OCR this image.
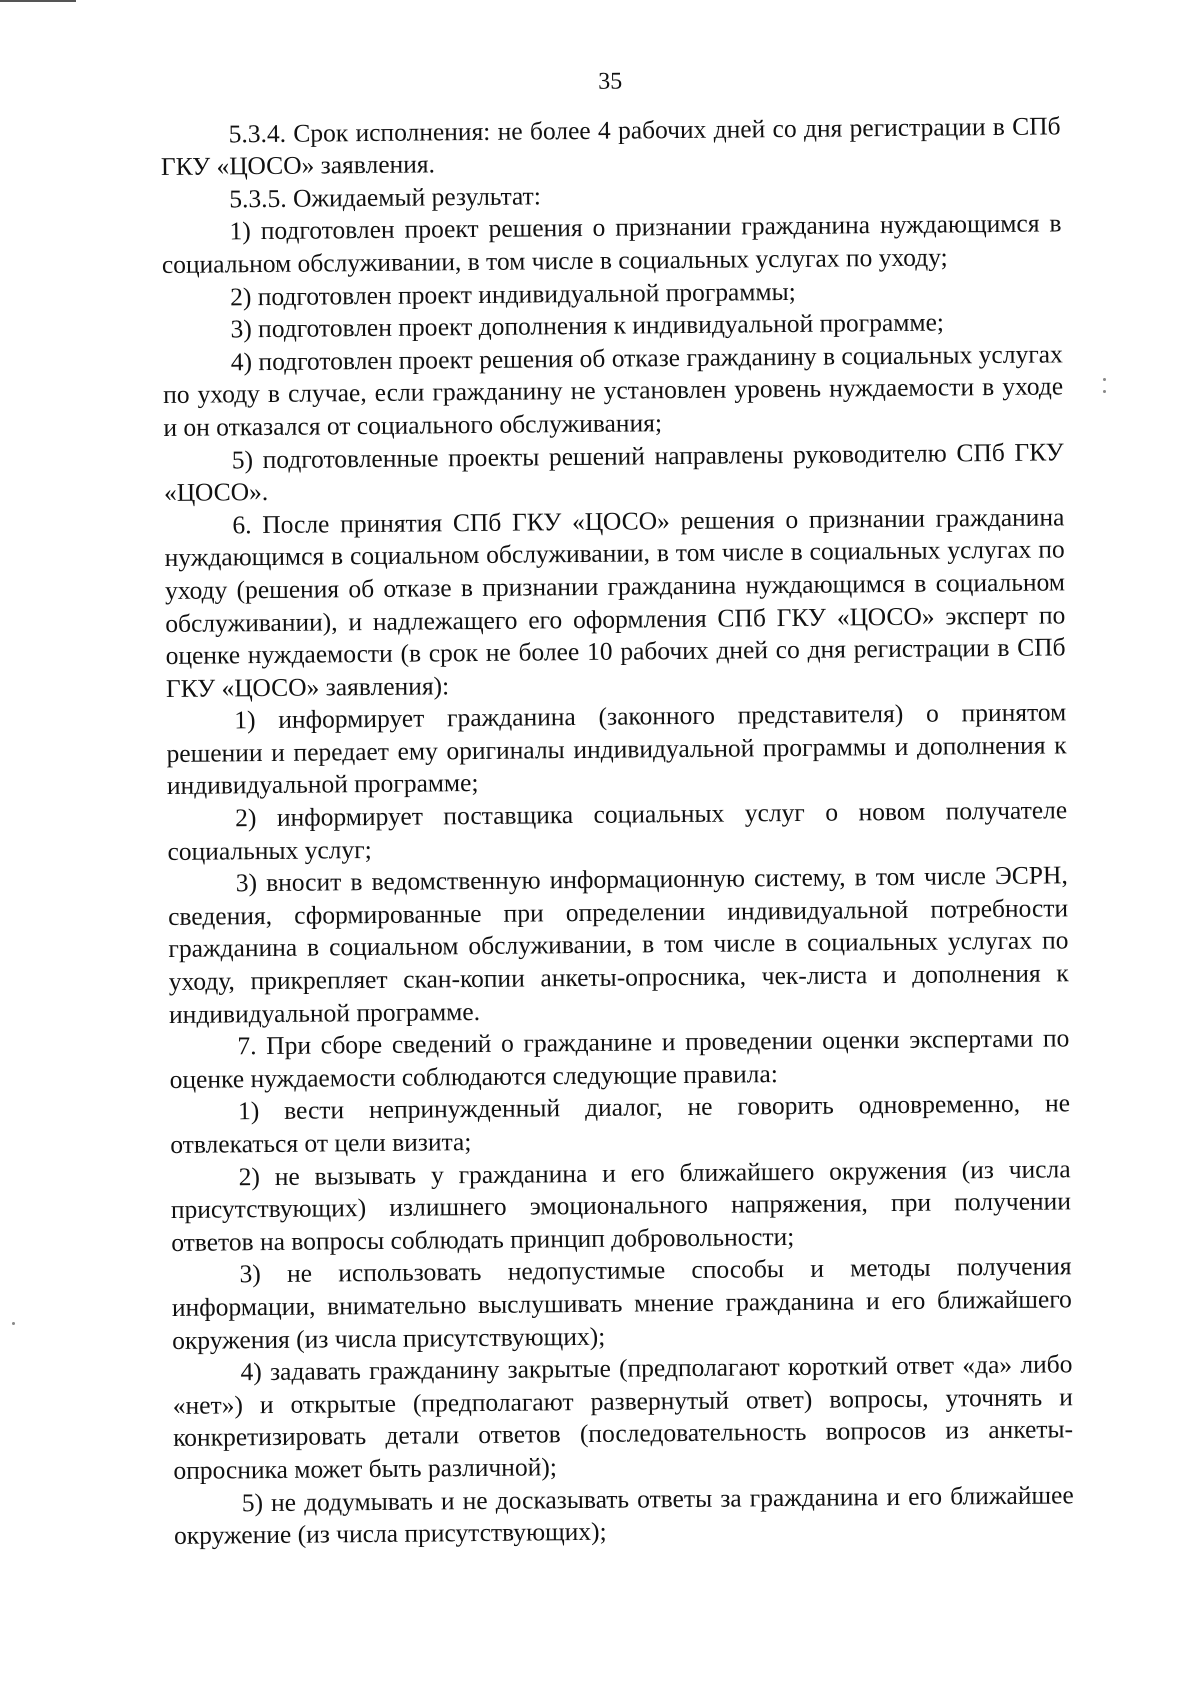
35

5.3.4. Срок исполнения: не более 4 рабочих дней со дня регистрации в СПб ГКУ «ЦОСО» заявления.

5.3.5. Ожидаемый результат:

1) подготовлен проект решения о признании гражданина нуждающимся в социальном обслуживании, в том числе в социальных услугах по уходу;

2) подготовлен проект индивидуальной программы;

3) подготовлен проект дополнения к индивидуальной программе;

4) подготовлен проект решения об отказе гражданину в социальных услугах по уходу в случае, если гражданину не установлен уровень нуждаемости в уходе и он отказался от социального обслуживания;

5) подготовленные проекты решений направлены руководителю СПб ГКУ «ЦОСО».

6. После принятия СПб ГКУ «ЦОСО» решения о признании гражданина нуждающимся в социальном обслуживании, в том числе в социальных услугах по уходу (решения об отказе в признании гражданина нуждающимся в социальном обслуживании), и надлежащего его оформления СПб ГКУ «ЦОСО» эксперт по оценке нуждаемости (в срок не более 10 рабочих дней со дня регистрации в СПб ГКУ «ЦОСО» заявления):

1) информирует гражданина (законного представителя) о принятом решении и передает ему оригиналы индивидуальной программы и дополнения к индивидуальной программе;

2) информирует поставщика социальных услуг о новом получателе социальных услуг;

3) вносит в ведомственную информационную систему, в том числе ЭСРН, сведения, сформированные при определении индивидуальной потребности гражданина в социальном обслуживании, в том числе в социальных услугах по уходу, прикрепляет скан-копии анкеты-опросника, чек-листа и дополнения к индивидуальной программе.

7. При сборе сведений о гражданине и проведении оценки экспертами по оценке нуждаемости соблюдаются следующие правила:

1) вести непринужденный диалог, не говорить одновременно, не отвлекаться от цели визита;

2) не вызывать у гражданина и его ближайшего окружения (из числа присутствующих) излишнего эмоционального напряжения, при получении ответов на вопросы соблюдать принцип добровольности;

3) не использовать недопустимые способы и методы получения информации, внимательно выслушивать мнение гражданина и его ближайшего окружения (из числа присутствующих);

4) задавать гражданину закрытые (предполагают короткий ответ «да» либо «нет») и открытые (предполагают развернутый ответ) вопросы, уточнять и конкретизировать детали ответов (последовательность вопросов из анкеты-опросника может быть различной);

5) не додумывать и не досказывать ответы за гражданина и его ближайшее окружение (из числа присутствующих);
